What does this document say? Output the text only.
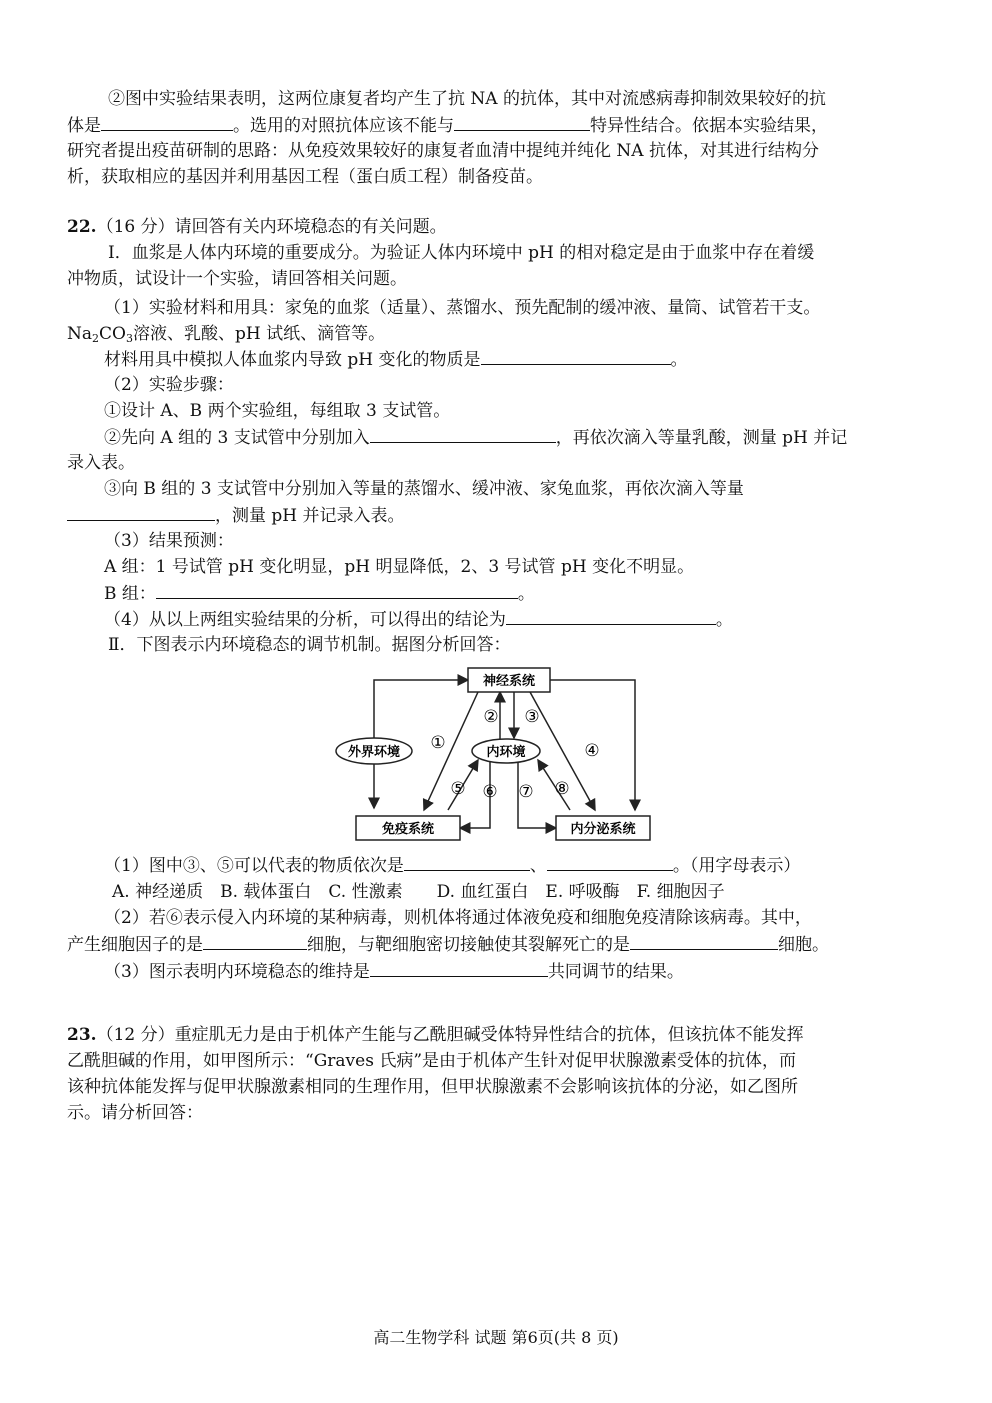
②图中实验结果表明，这两位康复者均产生了抗 NA 的抗体，其中对流感病毒抑制效果较好的抗
体是	。选用的对照抗体应该不能与	特异性结合。依据本实验结果，
研究者提出疫苗研制的思路：从免疫效果较好的康复者血清中提纯并纯化 NA 抗体，对其进行结构分
析，获取相应的基因并利用基因工程（蛋白质工程）制备疫苗。
22.（16 分）请回答有关内环境稳态的有关问题。
Ⅰ．血浆是人体内环境的重要成分。为验证人体内环境中 pH 的相对稳定是由于血浆中存在着缓
冲物质，试设计一个实验，请回答相关问题。
（1）实验材料和用具：家兔的血浆（适量）、蒸馏水、预先配制的缓冲液、量筒、试管若干支。
$Na_2CO_3$溶液、乳酸、pH 试纸、滴管等。
材料用具中模拟人体血浆内导致 pH 变化的物质是	。
（2）实验步骤：
①设计 A、B 两个实验组，每组取 3 支试管。
②先向 A 组的 3 支试管中分别加入	，再依次滴入等量乳酸，测量 pH 并记
录入表。
③向 B 组的 3 支试管中分别加入等量的蒸馏水、缓冲液、家兔血浆，再依次滴入等量
，测量 pH 并记录入表。
（3）结果预测：
A 组：1 号试管 pH 变化明显，pH 明显降低，2、3 号试管 pH 变化不明显。
B 组：	。
（4）从以上两组实验结果的分析，可以得出的结论为	。
Ⅱ．下图表示内环境稳态的调节机制。据图分析回答：
神经系统
外界环境	内环境
免疫系统	内分泌系统
①
② ③
④
⑤ ⑥ ⑦ ⑧
（1）图中③、⑤可以代表的物质依次是	、	。（用字母表示）
A. 神经递质　B. 载体蛋白　C. 性激素　　D. 血红蛋白　E. 呼吸酶　F. 细胞因子
（2）若⑥表示侵入内环境的某种病毒，则机体将通过体液免疫和细胞免疫清除该病毒。其中，
产生细胞因子的是	细胞，与靶细胞密切接触使其裂解死亡的是	细胞。
（3）图示表明内环境稳态的维持是	共同调节的结果。
23.（12 分）重症肌无力是由于机体产生能与乙酰胆碱受体特异性结合的抗体，但该抗体不能发挥
乙酰胆碱的作用，如甲图所示：“Graves 氏病”是由于机体产生针对促甲状腺激素受体的抗体，而
该种抗体能发挥与促甲状腺激素相同的生理作用，但甲状腺激素不会影响该抗体的分泌，如乙图所
示。请分析回答：
高二生物学科 试题 第6页(共 8 页)
